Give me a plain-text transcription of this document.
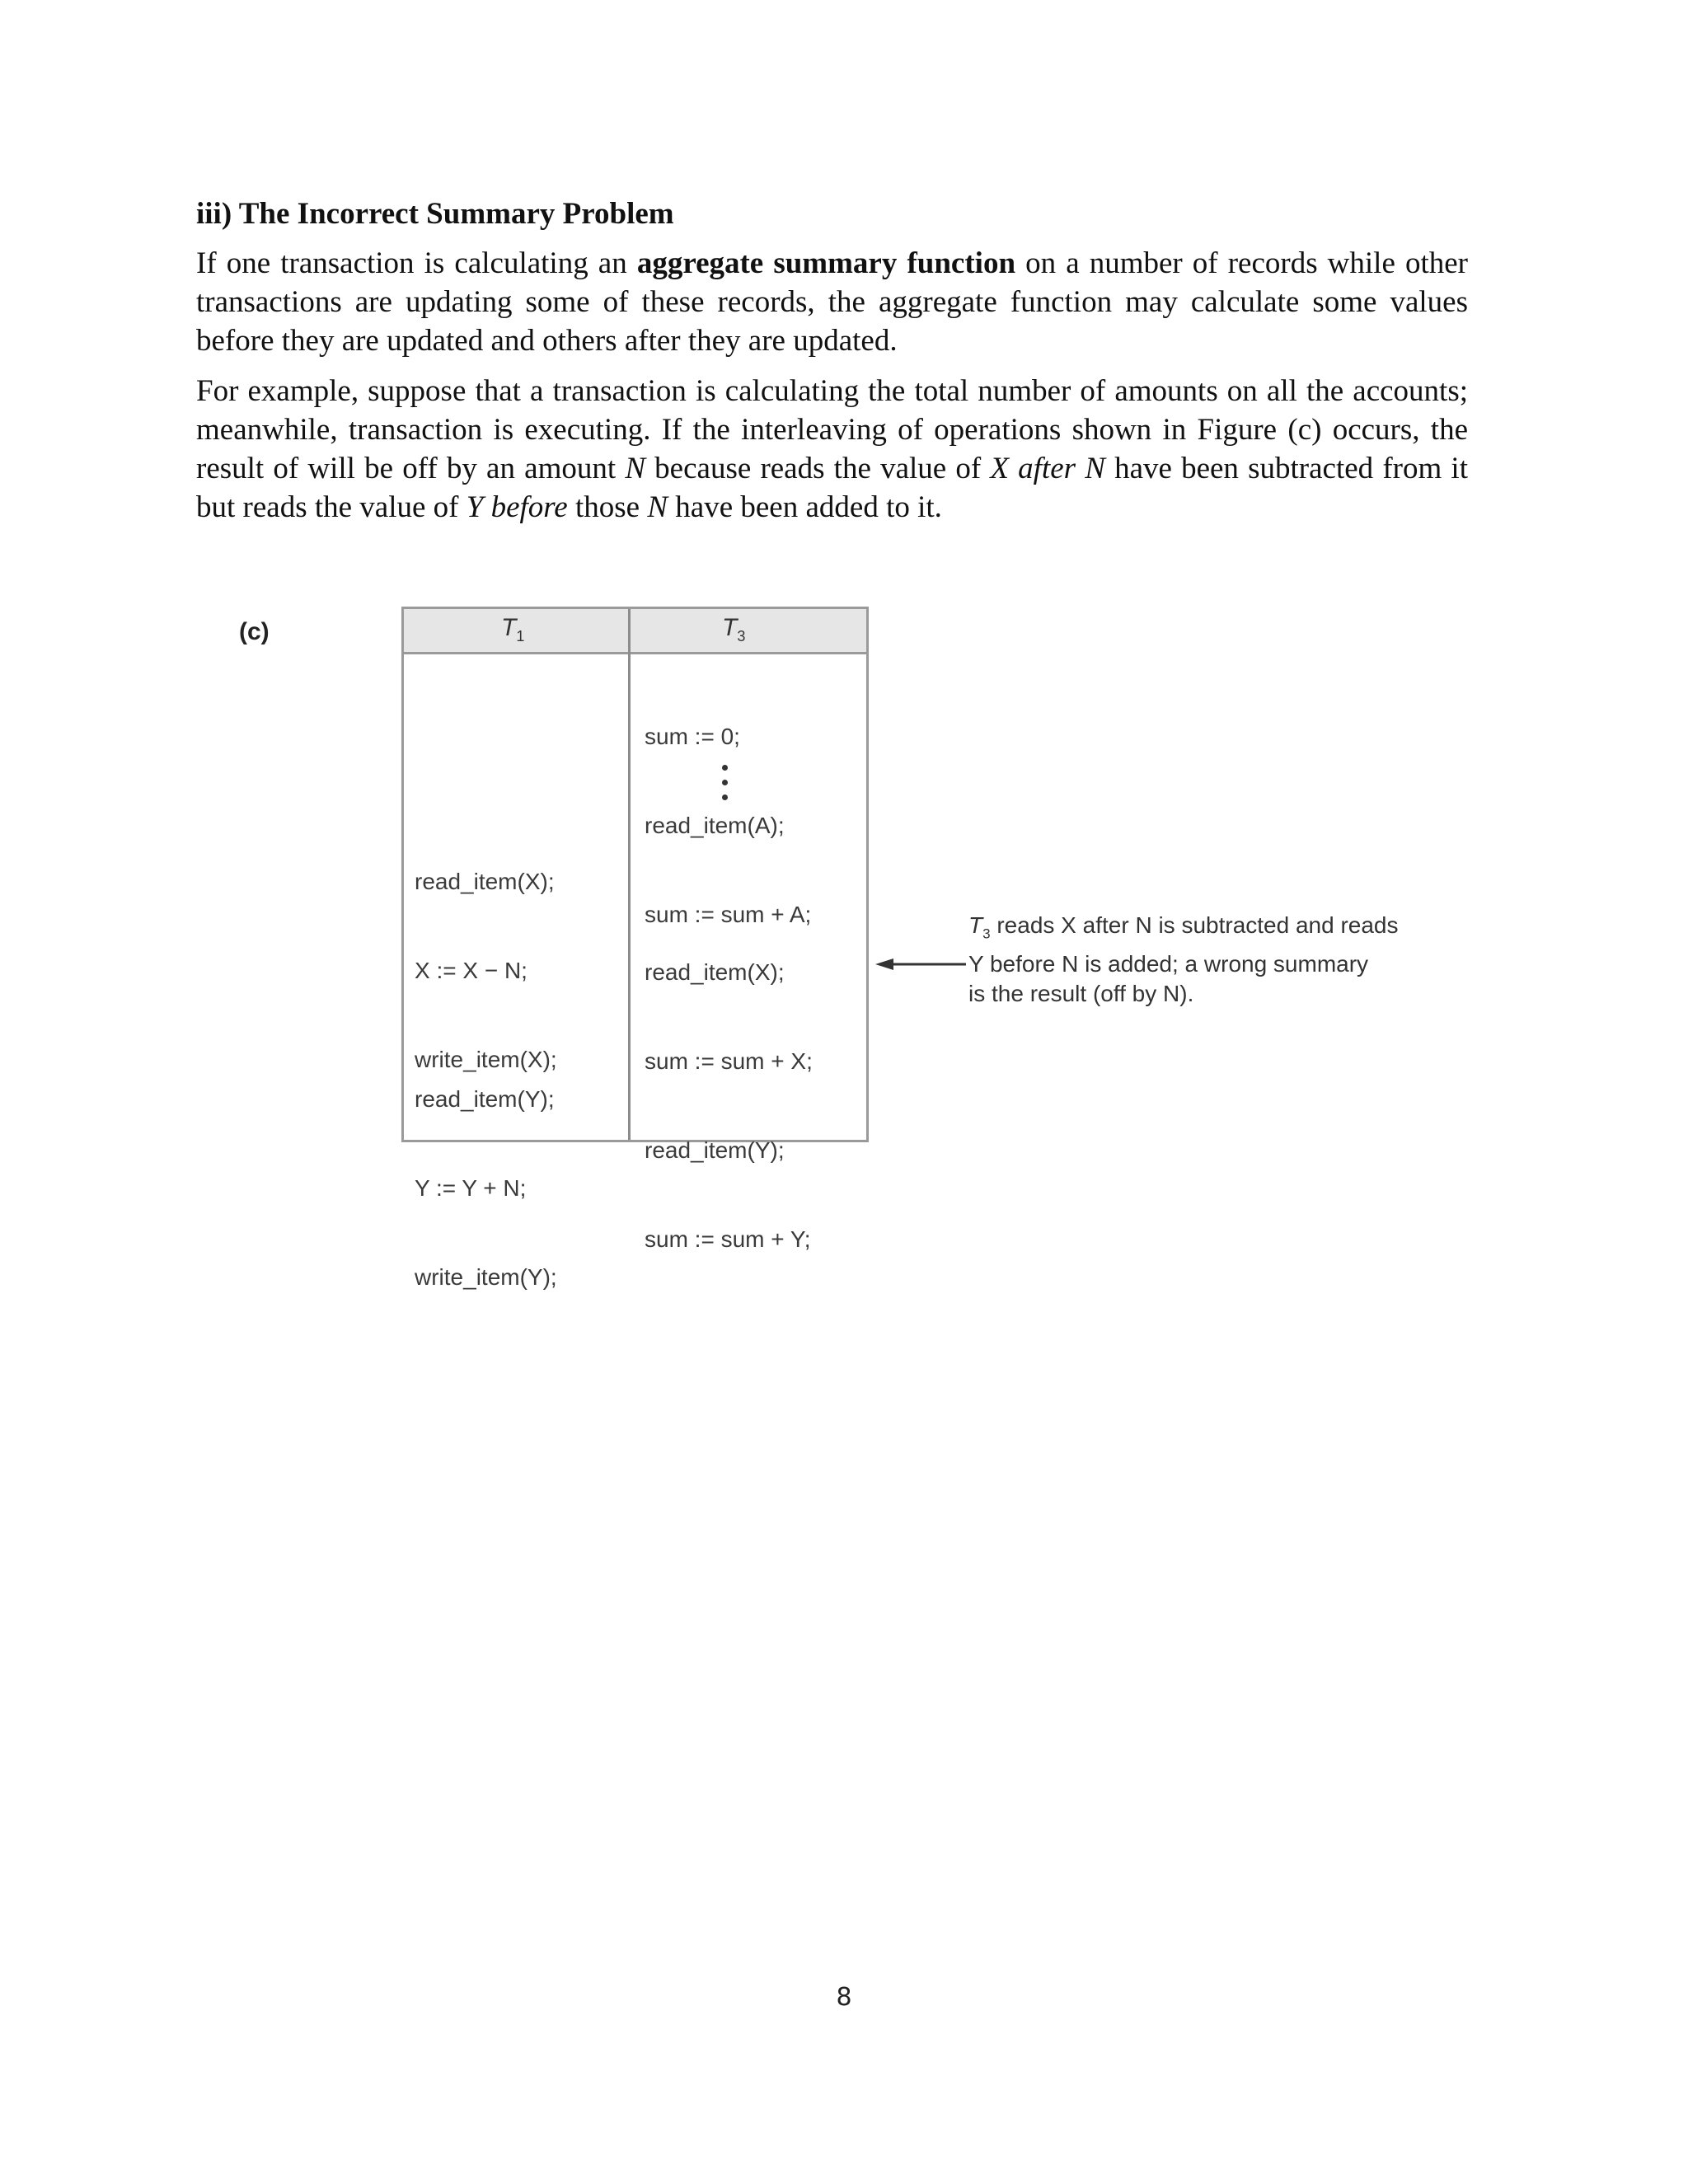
iii) The Incorrect Summary Problem
If one transaction is calculating an aggregate summary function on a number of records while other transactions are updating some of these records, the aggregate function may calculate some values before they are updated and others after they are updated.
For example, suppose that a transaction is calculating the total number of amounts on all the accounts; meanwhile, transaction is executing. If the interleaving of operations shown in Figure (c) occurs, the result of will be off by an amount N because reads the value of X after N have been subtracted from it but reads the value of Y before those N have been added to it.
(c)	$T_1$	$T_3$

sum := 0;

read_item(A);

sum := sum + A;

read_item(X);

X := X − N;

write_item(X);

read_item(X);

sum := sum + X;

read_item(Y);

sum := sum + Y;

read_item(Y);

Y := Y + N;

write_item(Y);

$T_3$ reads X after N is subtracted and reads
Y before N is added; a wrong summary
is the result (off by N).
8
